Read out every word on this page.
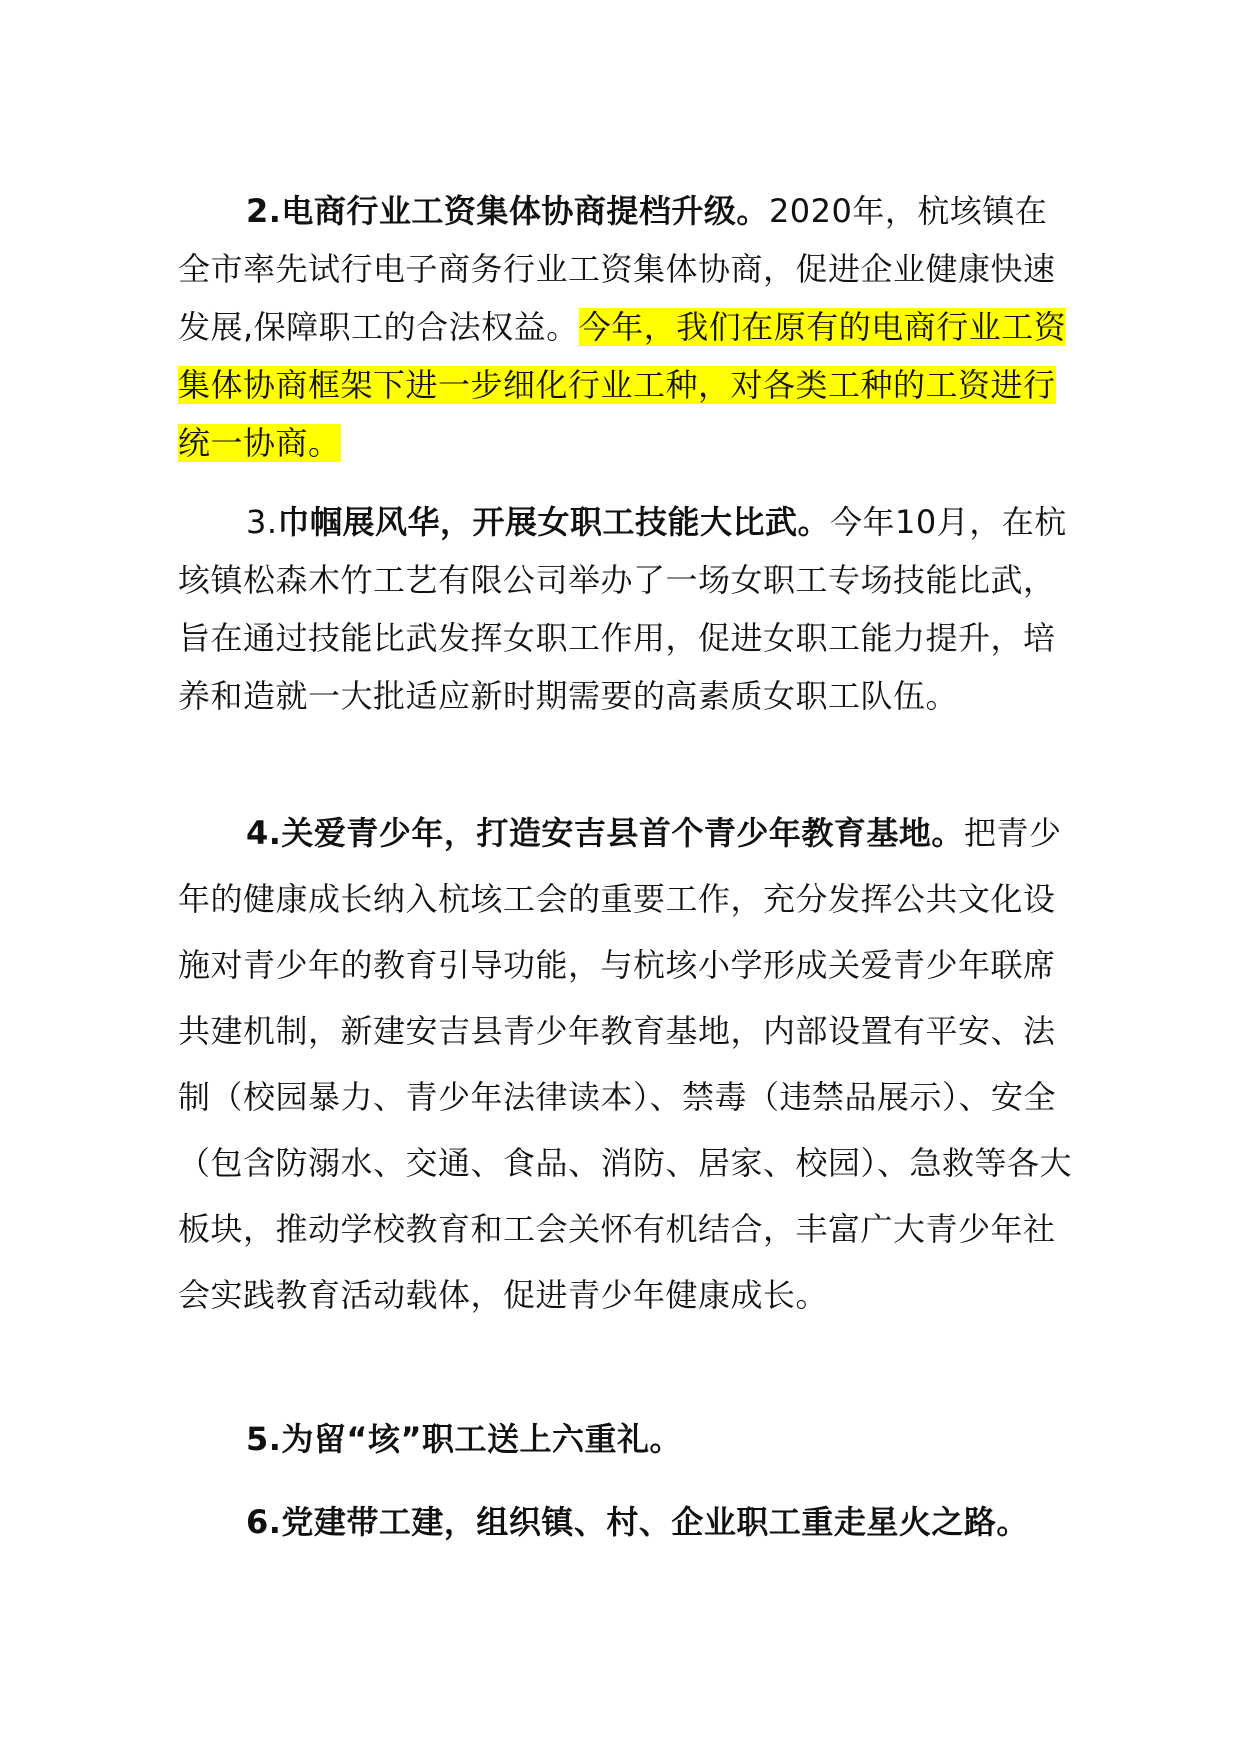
2.电商行业工资集体协商提档升级。2020年，杭垓镇在全市率先试行电子商务行业工资集体协商，促进企业健康快速发展,保障职工的合法权益。今年，我们在原有的电商行业工资集体协商框架下进一步细化行业工种，对各类工种的工资进行统一协商。

3.巾帼展风华，开展女职工技能大比武。今年10月，在杭垓镇松森木竹工艺有限公司举办了一场女职工专场技能比武，旨在通过技能比武发挥女职工作用，促进女职工能力提升，培养和造就一大批适应新时期需要的高素质女职工队伍。

4.关爱青少年，打造安吉县首个青少年教育基地。把青少年的健康成长纳入杭垓工会的重要工作，充分发挥公共文化设施对青少年的教育引导功能，与杭垓小学形成关爱青少年联席共建机制，新建安吉县青少年教育基地，内部设置有平安、法制（校园暴力、青少年法律读本）、禁毒（违禁品展示）、安全（包含防溺水、交通、食品、消防、居家、校园）、急救等各大板块，推动学校教育和工会关怀有机结合，丰富广大青少年社会实践教育活动载体，促进青少年健康成长。

5.为留“垓”职工送上六重礼。

6.党建带工建，组织镇、村、企业职工重走星火之路。
